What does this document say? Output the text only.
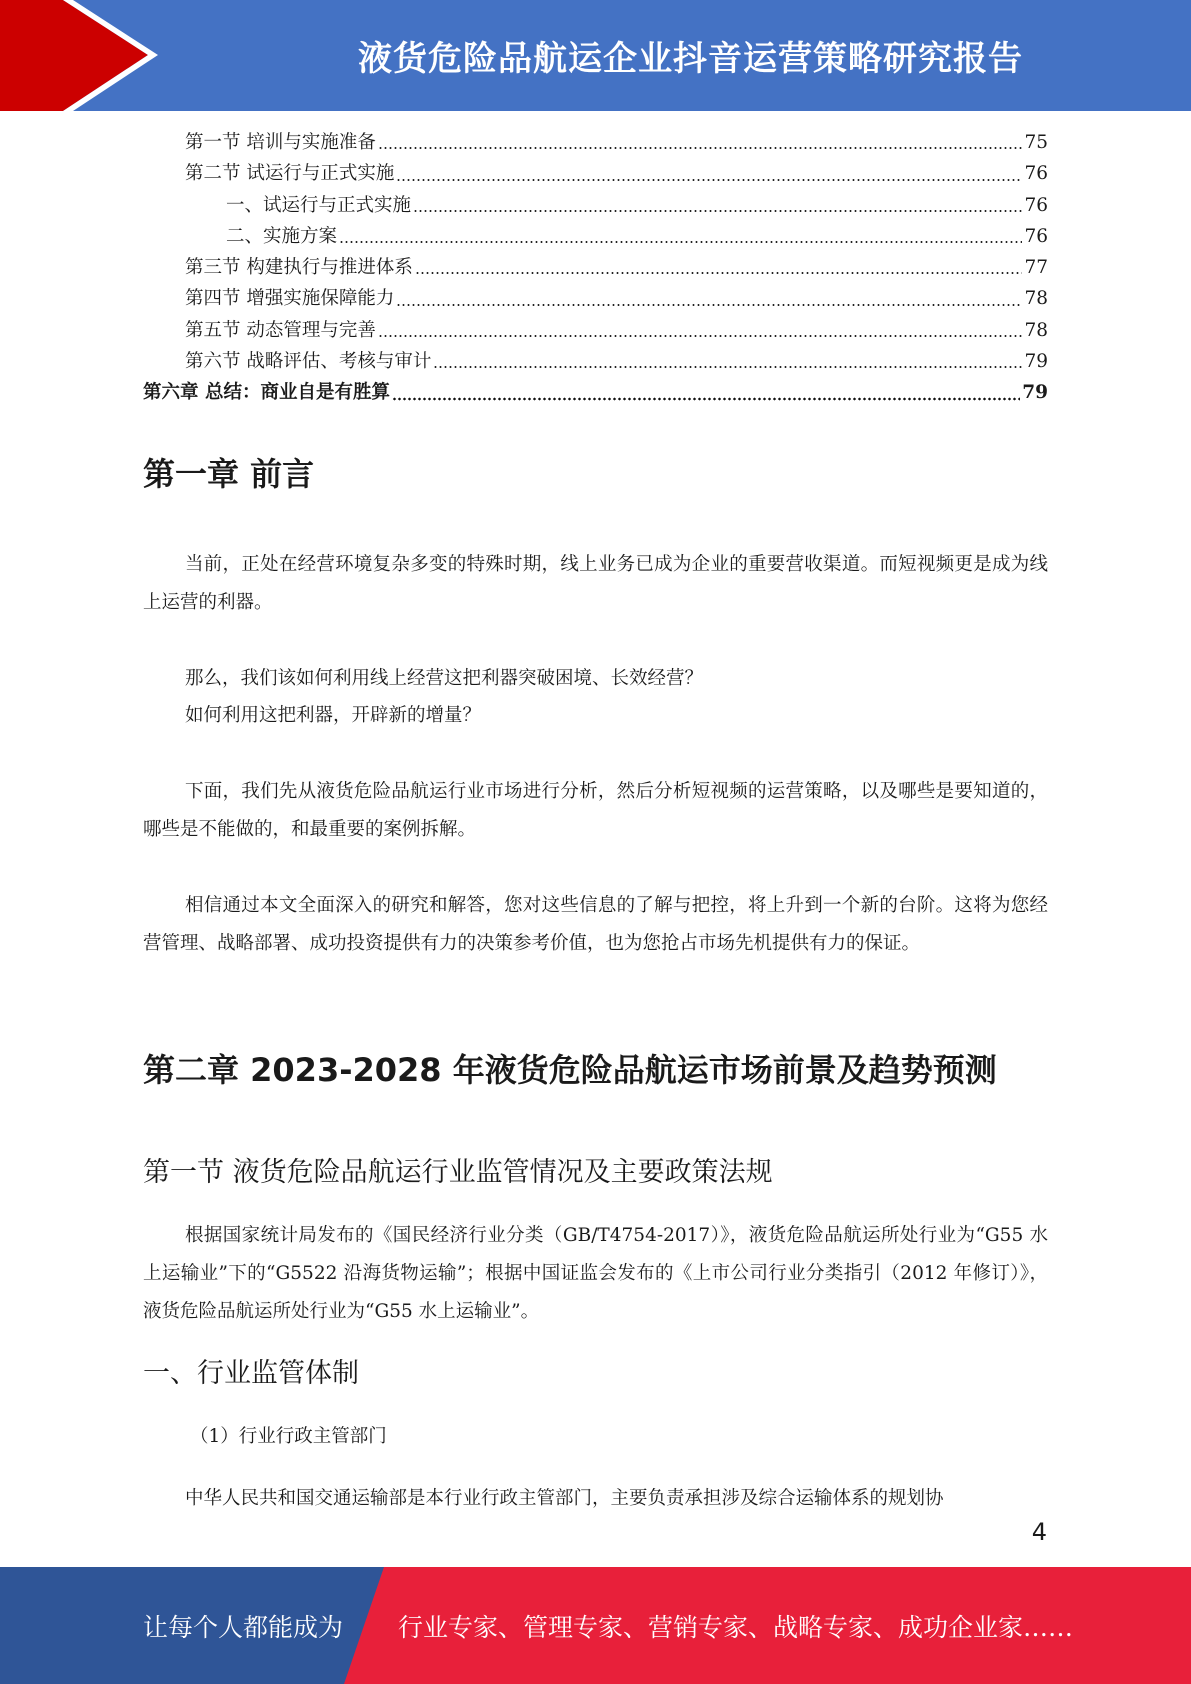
液货危险品航运企业抖音运营策略研究报告
第一节 培训与实施准备	75
第二节 试运行与正式实施	76
一、试运行与正式实施	76
二、实施方案	76
第三节 构建执行与推进体系	77
第四节 增强实施保障能力	78
第五节 动态管理与完善	78
第六节 战略评估、考核与审计	79
第六章 总结：商业自是有胜算	79
第一章 前言

当前，正处在经营环境复杂多变的特殊时期，线上业务已成为企业的重要营收渠道。而短视频更是成为线上运营的利器。

那么，我们该如何利用线上经营这把利器突破困境、长效经营？

如何利用这把利器，开辟新的增量？

下面，我们先从液货危险品航运行业市场进行分析，然后分析短视频的运营策略，以及哪些是要知道的，哪些是不能做的，和最重要的案例拆解。

相信通过本文全面深入的研究和解答，您对这些信息的了解与把控，将上升到一个新的台阶。这将为您经营管理、战略部署、成功投资提供有力的决策参考价值，也为您抢占市场先机提供有力的保证。

第二章 2023-2028 年液货危险品航运市场前景及趋势预测
第一节 液货危险品航运行业监管情况及主要政策法规

根据国家统计局发布的《国民经济行业分类（GB/T4754-2017）》，液货危险品航运所处行业为“G55 水上运输业”下的“G5522 沿海货物运输”；根据中国证监会发布的《上市公司行业分类指引（2012 年修订）》，液货危险品航运所处行业为“G55 水上运输业”。

一、行业监管体制

（1）行业行政主管部门

中华人民共和国交通运输部是本行业行政主管部门，主要负责承担涉及综合运输体系的规划协

4
让每个人都能成为 行业专家、管理专家、营销专家、战略专家、成功企业家……
